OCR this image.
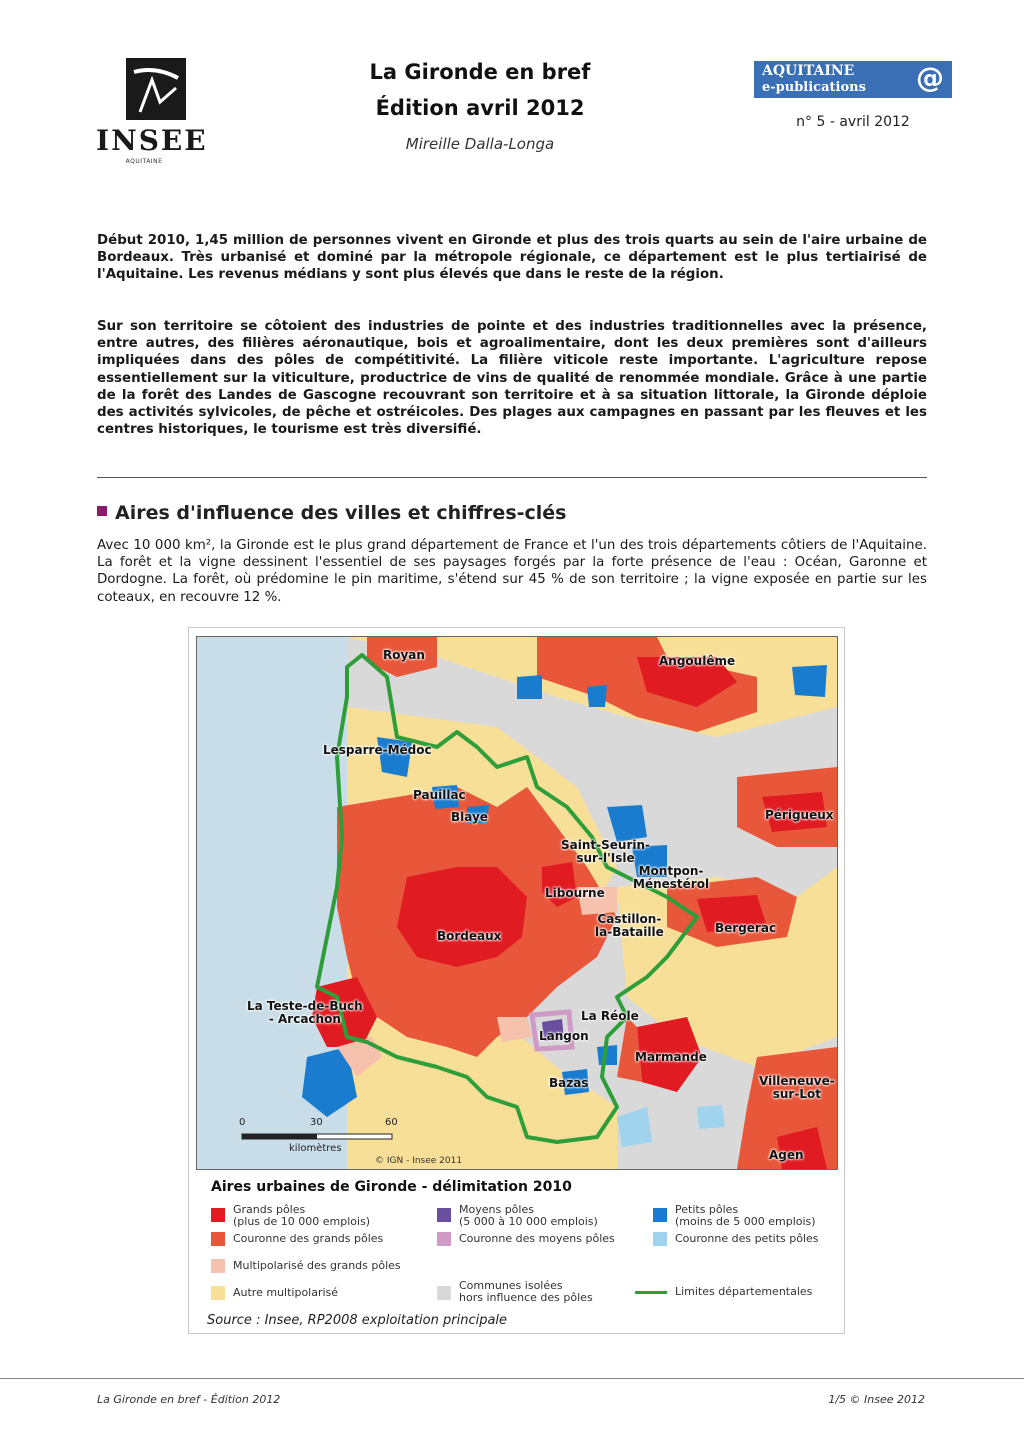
INSEE
AQUITAINE
La Gironde en bref
Édition avril 2012
Mireille Dalla-Longa
AQUITAINE
e-publications @
n° 5 - avril 2012
Début 2010, 1,45 million de personnes vivent en Gironde et plus des trois quarts au sein de l'aire urbaine de Bordeaux. Très urbanisé et dominé par la métropole régionale, ce département est le plus tertiairisé de l'Aquitaine. Les revenus médians y sont plus élevés que dans le reste de la région.
Sur son territoire se côtoient des industries de pointe et des industries traditionnelles avec la présence, entre autres, des filières aéronautique, bois et agroalimentaire, dont les deux premières sont d'ailleurs impliquées dans des pôles de compétitivité. La filière viticole reste importante. L'agriculture repose essentiellement sur la viticulture, productrice de vins de qualité de renommée mondiale. Grâce à une partie de la forêt des Landes de Gascogne recouvrant son territoire et à sa situation littorale, la Gironde déploie des activités sylvicoles, de pêche et ostréicoles. Des plages aux campagnes en passant par les fleuves et les centres historiques, le tourisme est très diversifié.
Aires d'influence des villes et chiffres-clés
Avec 10 000 km², la Gironde est le plus grand département de France et l'un des trois départements côtiers de l'Aquitaine. La forêt et la vigne dessinent l'essentiel de ses paysages forgés par la forte présence de l'eau : Océan, Garonne et Dordogne. La forêt, où prédomine le pin maritime, s'étend sur 45 % de son territoire ; la vigne exposée en partie sur les coteaux, en recouvre 12 %.
Royan	Angoulême
Lesparre-Médoc
Pauillac
Blaye	Périgueux
Saint-Seurin-
sur-l'Isle
Montpon-
Ménestérol
Libourne
Castillon-
la-Bataille
Bordeaux
Bergerac
La Teste-de-Buch
- Arcachon	La Réole
Langon
Marmande
Bazas	Villeneuve-
sur-Lot
Agen
0	30	60
kilomètres
© IGN - Insee 2011
Aires urbaines de Gironde - délimitation 2010
Grands pôles
(plus de 10 000 emplois)
Couronne des grands pôles
Multipolarisé des grands pôles
Autre multipolarisé
Moyens pôles
(5 000 à 10 000 emplois)
Couronne des moyens pôles
Communes isolées
hors influence des pôles
Petits pôles
(moins de 5 000 emplois)
Couronne des petits pôles
Limites départementales
Source : Insee, RP2008 exploitation principale
La Gironde en bref - Édition 2012	1/5 © Insee 2012
